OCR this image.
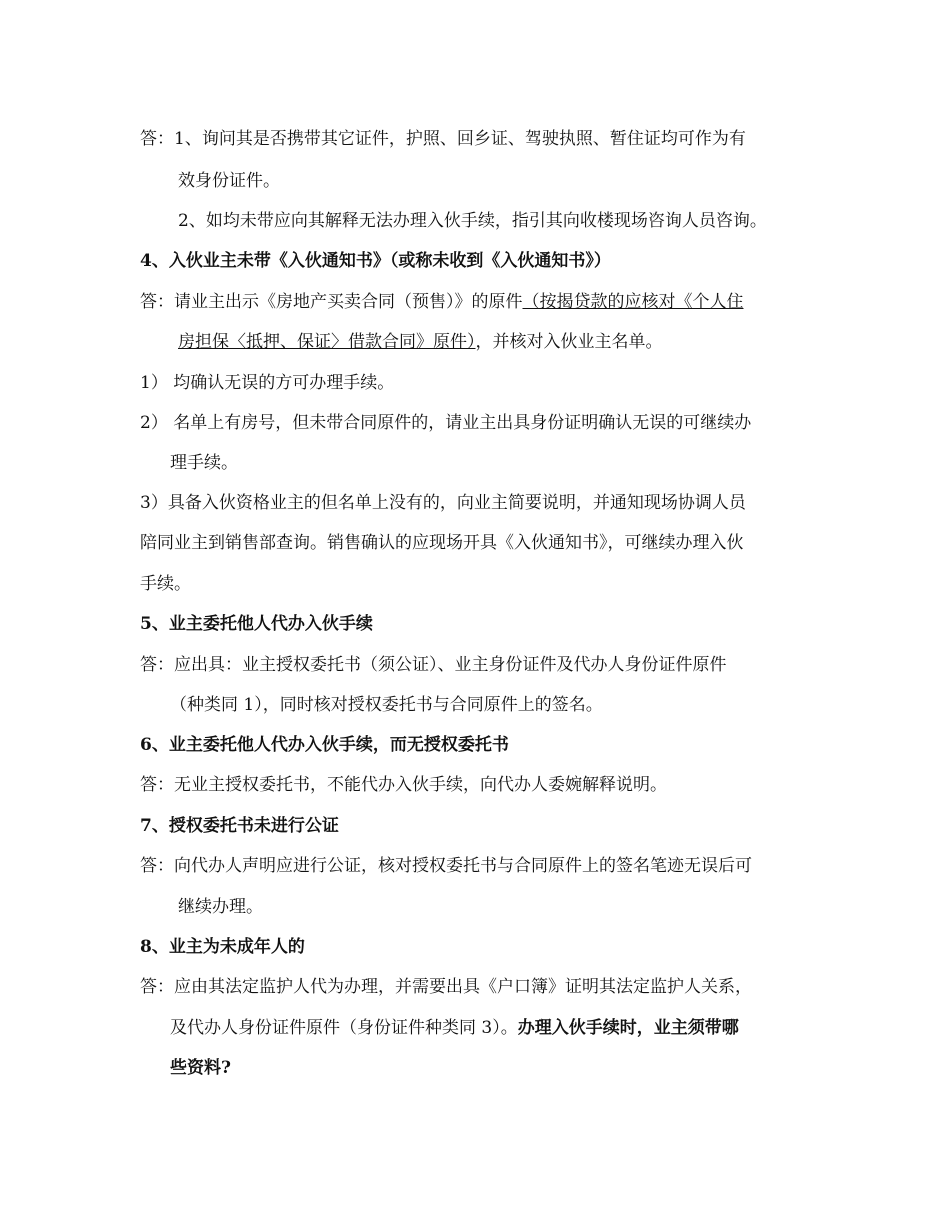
答：1、询问其是否携带其它证件，护照、回乡证、驾驶执照、暂住证均可作为有
效身份证件。
2、如均未带应向其解释无法办理入伙手续，指引其向收楼现场咨询人员咨询。
4、入伙业主未带《入伙通知书》（或称未收到《入伙通知书》）
答：请业主出示《房地产买卖合同（预售）》的原件（按揭贷款的应核对《个人住
房担保〈抵押、保证〉借款合同》原件），并核对入伙业主名单。
1） 均确认无误的方可办理手续。
2） 名单上有房号，但未带合同原件的，请业主出具身份证明确认无误的可继续办
理手续。
3）具备入伙资格业主的但名单上没有的，向业主简要说明，并通知现场协调人员
陪同业主到销售部查询。销售确认的应现场开具《入伙通知书》，可继续办理入伙
手续。
5、业主委托他人代办入伙手续
答：应出具：业主授权委托书（须公证）、业主身份证件及代办人身份证件原件
（种类同 1），同时核对授权委托书与合同原件上的签名。
6、业主委托他人代办入伙手续，而无授权委托书
答：无业主授权委托书，不能代办入伙手续，向代办人委婉解释说明。
7、授权委托书未进行公证
答：向代办人声明应进行公证，核对授权委托书与合同原件上的签名笔迹无误后可
继续办理。
8、业主为未成年人的
答：应由其法定监护人代为办理，并需要出具《户口簿》证明其法定监护人关系，
及代办人身份证件原件（身份证件种类同 3）。办理入伙手续时，业主须带哪
些资料?
